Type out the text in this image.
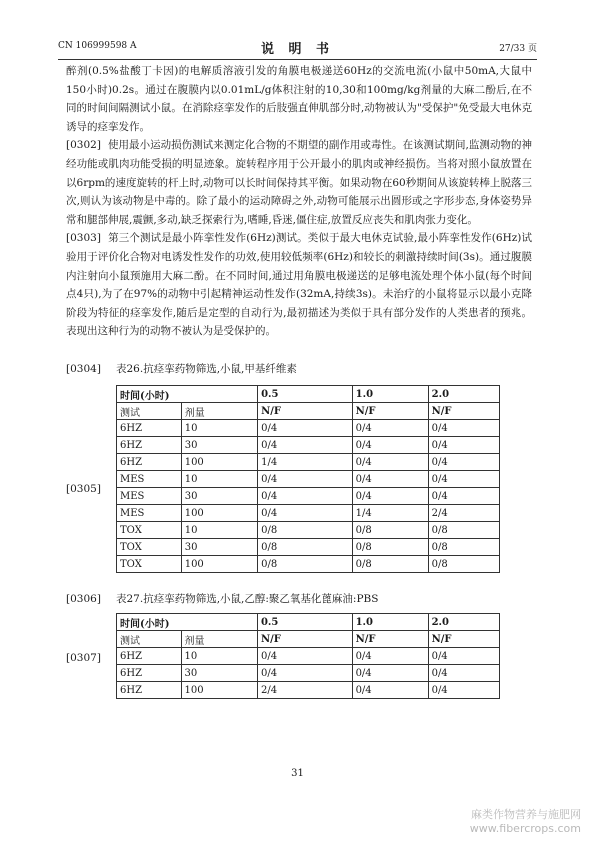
CN 106999598 A	说 明 书	27/33 页

醉剂(0.5%盐酸丁卡因)的电解质溶液引发的角膜电极递送60Hz的交流电流(小鼠中50mA,大鼠中150小时)0.2s。通过在腹膜内以0.01mL/g体积注射的10,30和100mg/kg剂量的大麻二酚后,在不同的时间间隔测试小鼠。在消除痉挛发作的后肢强直伸肌部分时,动物被认为"受保护"免受最大电休克诱导的痉挛发作。

[0302] 使用最小运动损伤测试来测定化合物的不期望的副作用或毒性。在该测试期间,监测动物的神经功能或肌肉功能受损的明显迹象。旋转程序用于公开最小的肌肉或神经损伤。当将对照小鼠放置在以6rpm的速度旋转的杆上时,动物可以长时间保持其平衡。如果动物在60秒期间从该旋转棒上脱落三次,则认为该动物是中毒的。除了最小的运动障碍之外,动物可能展示出圆形或之字形步态,身体姿势异常和腿部伸展,震颤,多动,缺乏探索行为,嗜睡,昏迷,僵住症,放置反应丧失和肌肉张力变化。

[0303] 第三个测试是最小阵挛性发作(6Hz)测试。类似于最大电休克试验,最小阵挛性发作(6Hz)试验用于评价化合物对电诱发性发作的功效,使用较低频率(6Hz)和较长的刺激持续时间(3s)。通过腹膜内注射向小鼠预施用大麻二酚。在不同时间,通过用角膜电极递送的足够电流处理个体小鼠(每个时间点4只),为了在97%的动物中引起精神运动性发作(32mA,持续3s)。未治疗的小鼠将显示以最小克降阶段为特征的痉挛发作,随后是定型的自动行为,最初描述为类似于具有部分发作的人类患者的预兆。表现出这种行为的动物不被认为是受保护的。

[0304] 表26.抗痉挛药物筛选,小鼠,甲基纤维素
[0305]
时间(小时)		0.5	1.0	2.0
测试	剂量	N/F	N/F	N/F
6HZ	10	0/4	0/4	0/4
6HZ	30	0/4	0/4	0/4
6HZ	100	1/4	0/4	0/4
MES	10	0/4	0/4	0/4
MES	30	0/4	0/4	0/4
MES	100	0/4	1/4	2/4
TOX	10	0/8	0/8	0/8
TOX	30	0/8	0/8	0/8
TOX	100	0/8	0/8	0/8
[0306] 表27.抗痉挛药物筛选,小鼠,乙醇:聚乙氧基化蓖麻油:PBS
[0307]
时间(小时)		0.5	1.0	2.0
测试	剂量	N/F	N/F	N/F
6HZ	10	0/4	0/4	0/4
6HZ	30	0/4	0/4	0/4
6HZ	100	2/4	0/4	0/4
31
麻类作物营养与施肥网
www.fibercrops.com
